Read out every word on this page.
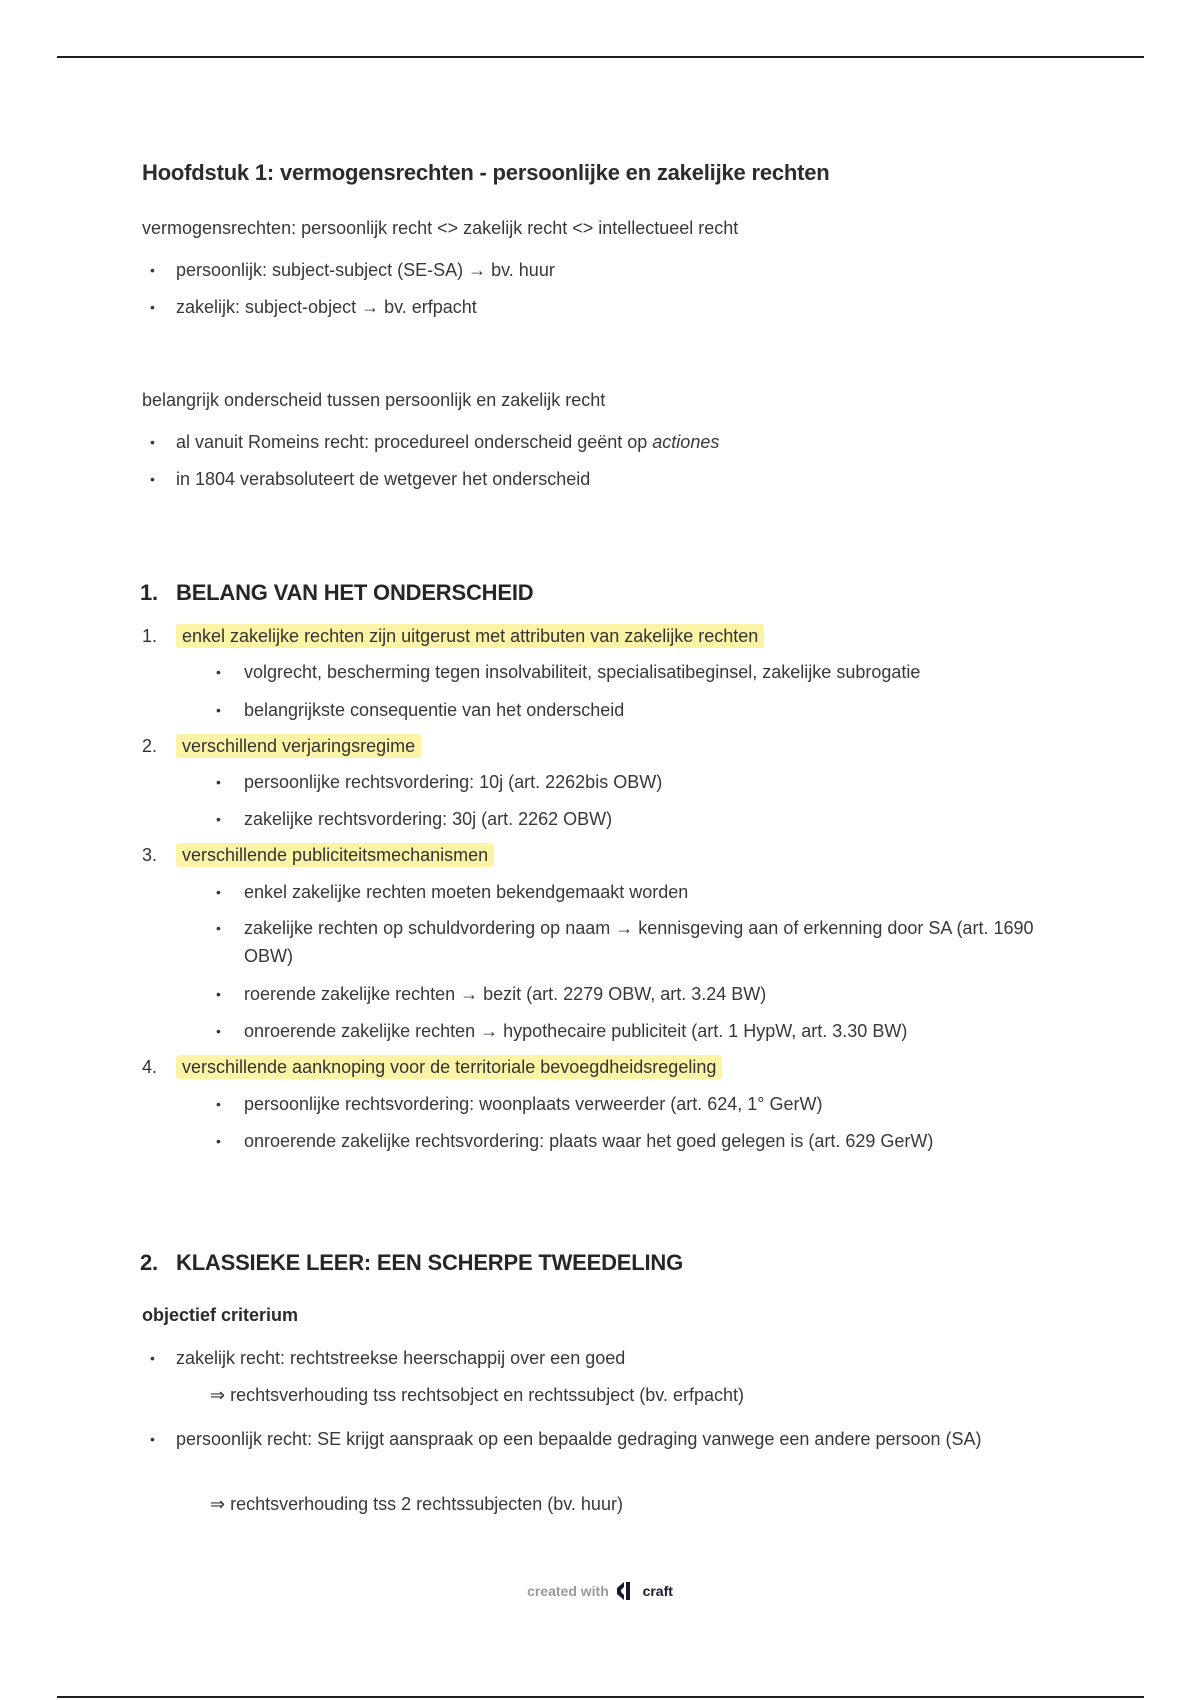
Hoofdstuk 1: vermogensrechten - persoonlijke en zakelijke rechten

vermogensrechten: persoonlijk recht <> zakelijk recht <> intellectueel recht

• persoonlijk: subject-subject (SE-SA) → bv. huur
• zakelijk: subject-object → bv. erfpacht

belangrijk onderscheid tussen persoonlijk en zakelijk recht

• al vanuit Romeins recht: procedureel onderscheid geënt op actiones
• in 1804 verabsoluteert de wetgever het onderscheid
1. BELANG VAN HET ONDERSCHEID
1. enkel zakelijke rechten zijn uitgerust met attributen van zakelijke rechten
• volgrecht, bescherming tegen insolvabiliteit, specialisatibeginsel, zakelijke subrogatie
• belangrijkste consequentie van het onderscheid
2. verschillend verjaringsregime
• persoonlijke rechtsvordering: 10j (art. 2262bis OBW)
• zakelijke rechtsvordering: 30j (art. 2262 OBW)
3. verschillende publiciteitsmechanismen
• enkel zakelijke rechten moeten bekendgemaakt worden
• zakelijke rechten op schuldvordering op naam → kennisgeving aan of erkenning door SA (art. 1690 OBW)
• roerende zakelijke rechten → bezit (art. 2279 OBW, art. 3.24 BW)
• onroerende zakelijke rechten → hypothecaire publiciteit (art. 1 HypW, art. 3.30 BW)
4. verschillende aanknoping voor de territoriale bevoegdheidsregeling
• persoonlijke rechtsvordering: woonplaats verweerder (art. 624, 1° GerW)
• onroerende zakelijke rechtsvordering: plaats waar het goed gelegen is (art. 629 GerW)
2. KLASSIEKE LEER: EEN SCHERPE TWEEDELING

objectief criterium

• zakelijk recht: rechtstreekse heerschappij over een goed
⇒ rechtsverhouding tss rechtsobject en rechtssubject (bv. erfpacht)
• persoonlijk recht: SE krijgt aanspraak op een bepaalde gedraging vanwege een andere persoon (SA)
⇒ rechtsverhouding tss 2 rechtssubjecten (bv. huur)
created with craft
